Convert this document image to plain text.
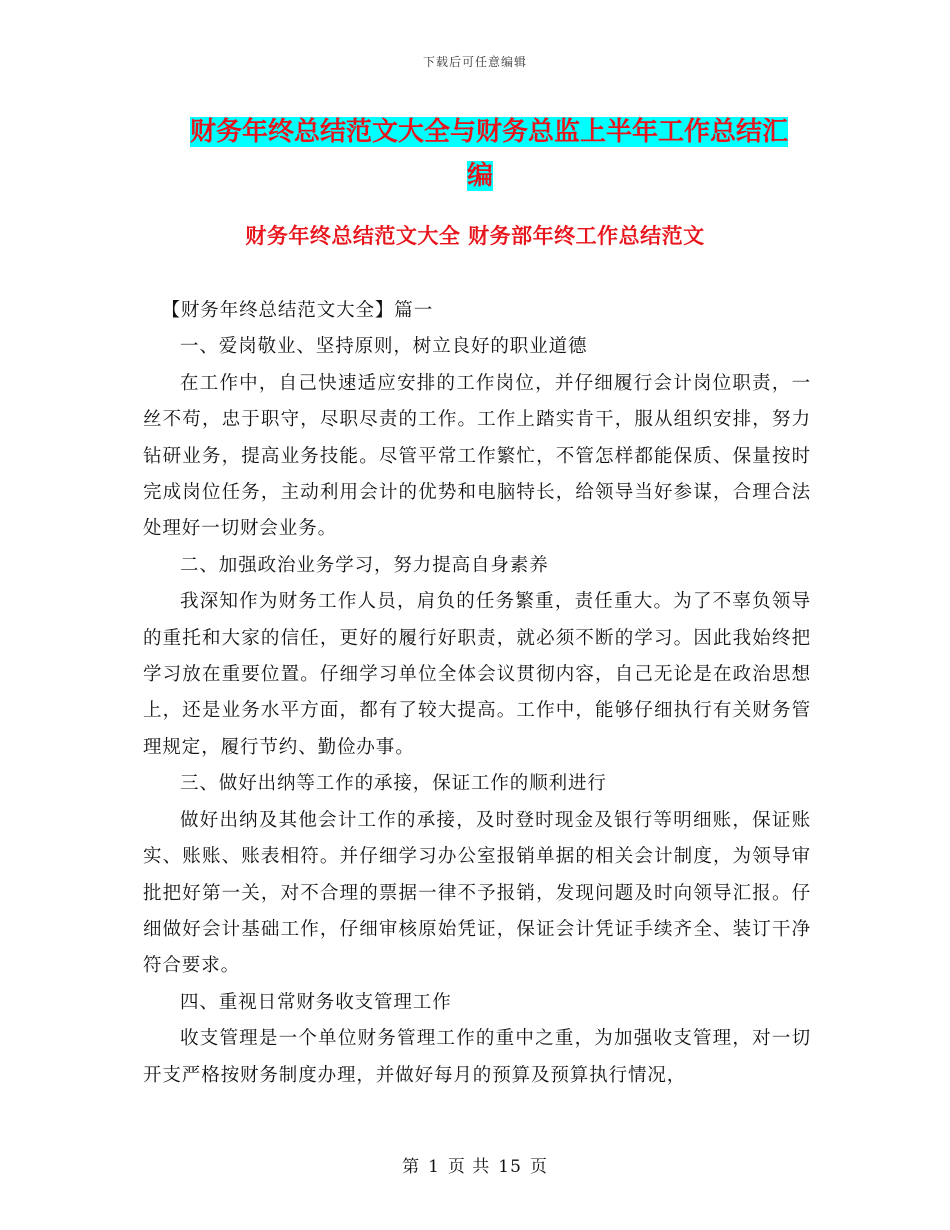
下载后可任意编辑
财务年终总结范文大全与财务总监上半年工作总结汇
编
财务年终总结范文大全 财务部年终工作总结范文

【财务年终总结范文大全】篇一

一、爱岗敬业、坚持原则，树立良好的职业道德

在工作中，自己快速适应安排的工作岗位，并仔细履行会计岗位职责，一丝不苟，忠于职守，尽职尽责的工作。工作上踏实肯干，服从组织安排，努力钻研业务，提高业务技能。尽管平常工作繁忙，不管怎样都能保质、保量按时完成岗位任务，主动利用会计的优势和电脑特长，给领导当好参谋，合理合法处理好一切财会业务。

二、加强政治业务学习，努力提高自身素养

我深知作为财务工作人员，肩负的任务繁重，责任重大。为了不辜负领导的重托和大家的信任，更好的履行好职责，就必须不断的学习。因此我始终把学习放在重要位置。仔细学习单位全体会议贯彻内容，自己无论是在政治思想上，还是业务水平方面，都有了较大提高。工作中，能够仔细执行有关财务管理规定，履行节约、勤俭办事。

三、做好出纳等工作的承接，保证工作的顺利进行

做好出纳及其他会计工作的承接，及时登时现金及银行等明细账，保证账实、账账、账表相符。并仔细学习办公室报销单据的相关会计制度，为领导审批把好第一关，对不合理的票据一律不予报销，发现问题及时向领导汇报。仔细做好会计基础工作，仔细审核原始凭证，保证会计凭证手续齐全、装订干净符合要求。

四、重视日常财务收支管理工作

收支管理是一个单位财务管理工作的重中之重，为加强收支管理，对一切开支严格按财务制度办理，并做好每月的预算及预算执行情况，

第 1 页 共 15 页
